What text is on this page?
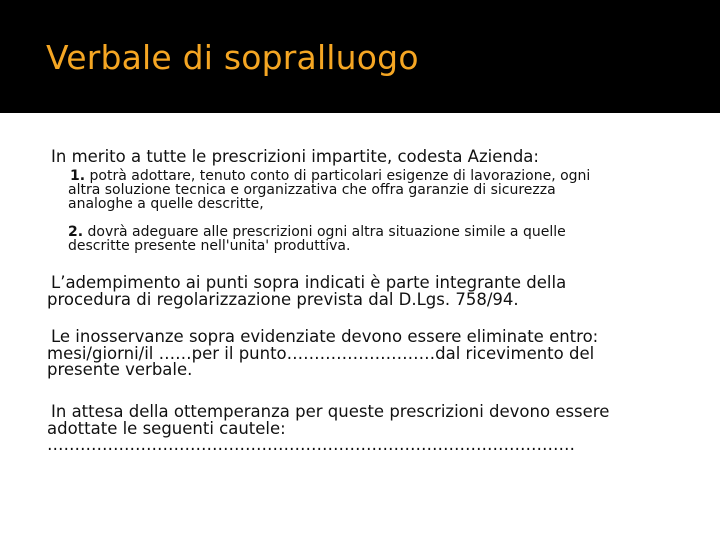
Verbale di sopralluogo
In merito a tutte le prescrizioni impartite, codesta Azienda:
1. potrà adottare, tenuto conto di particolari esigenze di lavorazione, ogni
altra soluzione tecnica e organizzativa che offra garanzie di sicurezza
analoghe a quelle descritte,
2. dovrà adeguare alle prescrizioni ogni altra situazione simile a quelle
descritte presente nell'unita' produttiva.
L’adempimento ai punti sopra indicati è parte integrante della
procedura di regolarizzazione prevista dal D.Lgs. 758/94.
Le inosservanze sopra evidenziate devono essere eliminate entro:
mesi/giorni/il ……per il punto………………………dal ricevimento del
presente verbale.
In attesa della ottemperanza per queste prescrizioni devono essere
adottate le seguenti cautele:
……………………………………………………………………………………
